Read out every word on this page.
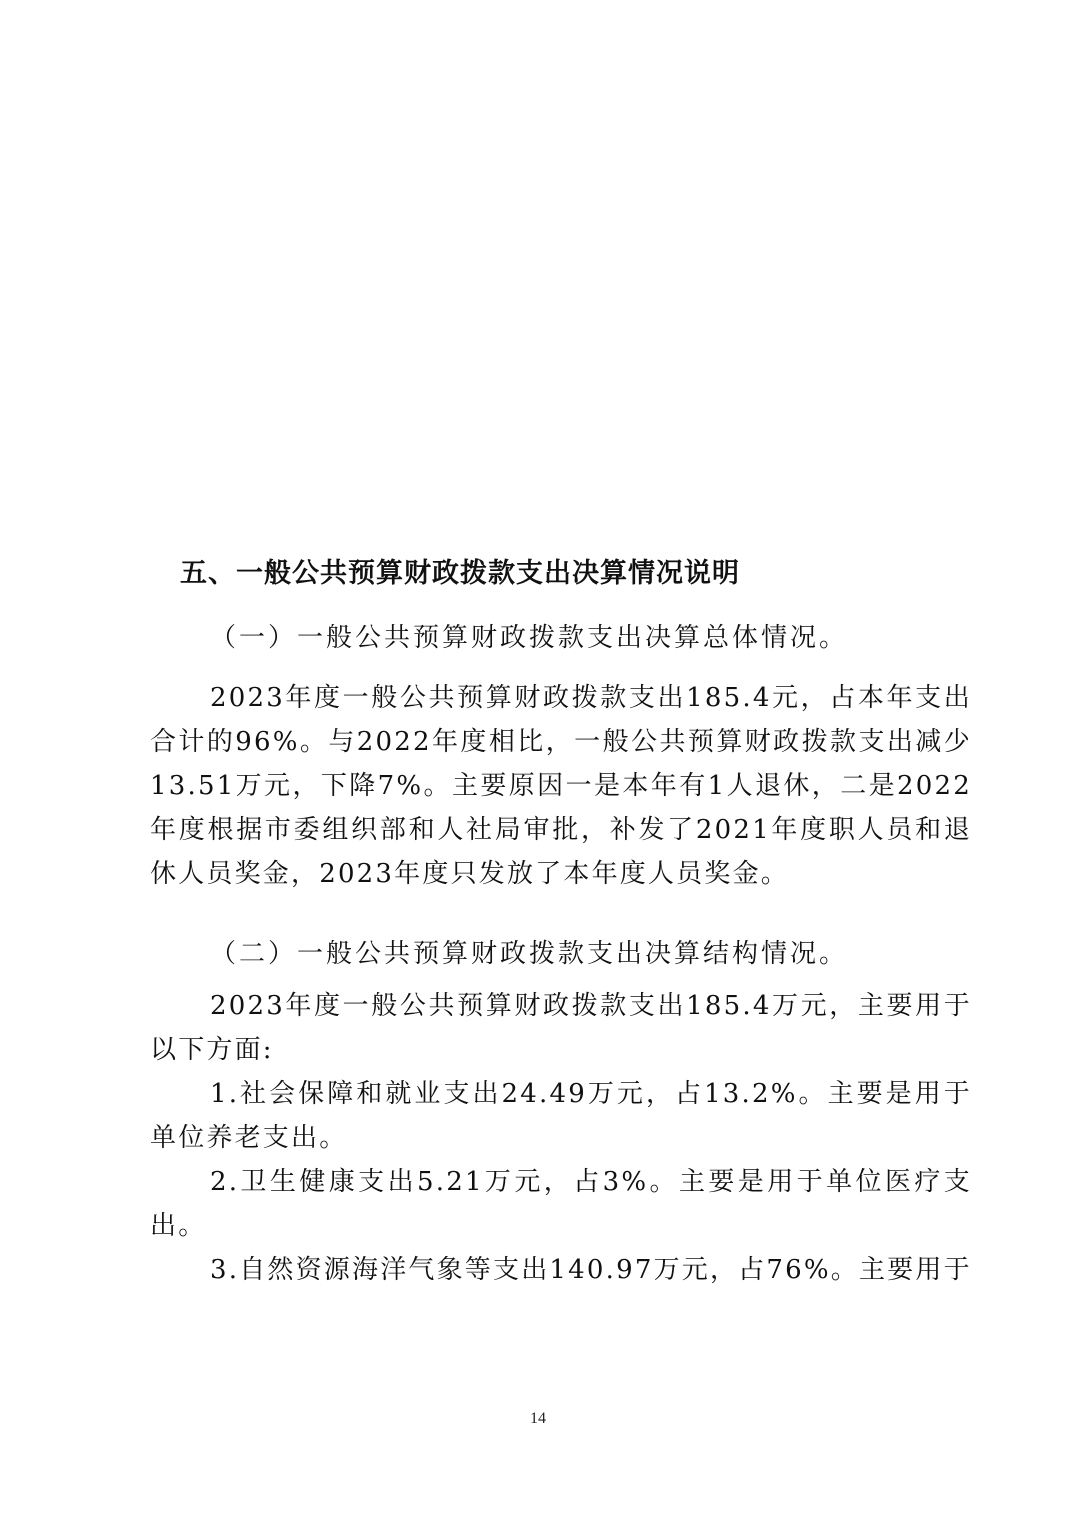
五、一般公共预算财政拨款支出决算情况说明
（一）一般公共预算财政拨款支出决算总体情况。
2023年度一般公共预算财政拨款支出185.4元，占本年支出合计的96%。与2022年度相比，一般公共预算财政拨款支出减少13.51万元，下降7%。主要原因一是本年有1人退休，二是2022年度根据市委组织部和人社局审批，补发了2021年度职人员和退休人员奖金，2023年度只发放了本年度人员奖金。
（二）一般公共预算财政拨款支出决算结构情况。
2023年度一般公共预算财政拨款支出185.4万元，主要用于以下方面:
1.社会保障和就业支出24.49万元，占13.2%。主要是用于单位养老支出。
2.卫生健康支出5.21万元，占3%。主要是用于单位医疗支出。
3.自然资源海洋气象等支出140.97万元，占76%。主要用于
14
